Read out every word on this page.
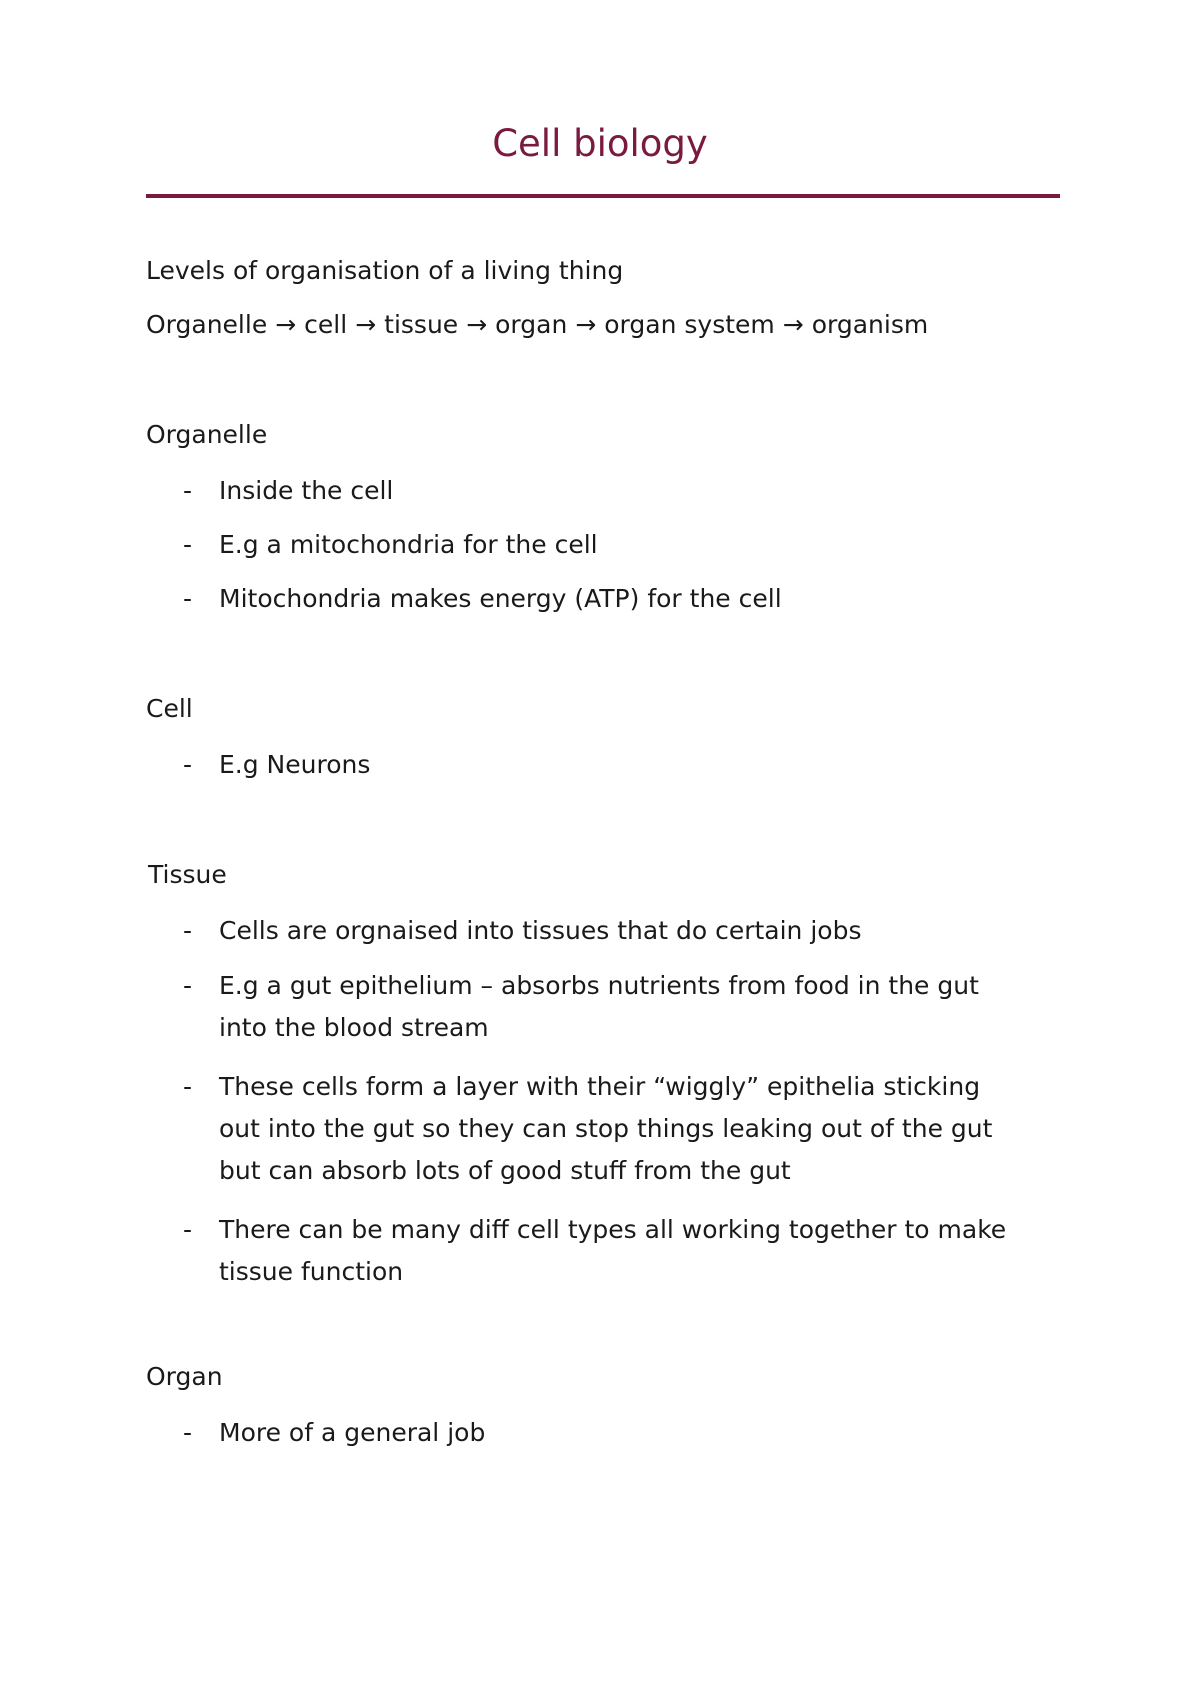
Cell biology
Levels of organisation of a living thing
Organelle → cell → tissue → organ → organ system → organism
Organelle
- Inside the cell
- E.g a mitochondria for the cell
- Mitochondria makes energy (ATP) for the cell
Cell
- E.g Neurons
Tissue
- Cells are orgnaised into tissues that do certain jobs
- E.g a gut epithelium – absorbs nutrients from food in the gut
into the blood stream
- These cells form a layer with their “wiggly” epithelia sticking
out into the gut so they can stop things leaking out of the gut
but can absorb lots of good stuff from the gut
- There can be many diff cell types all working together to make
tissue function
Organ
- More of a general job
